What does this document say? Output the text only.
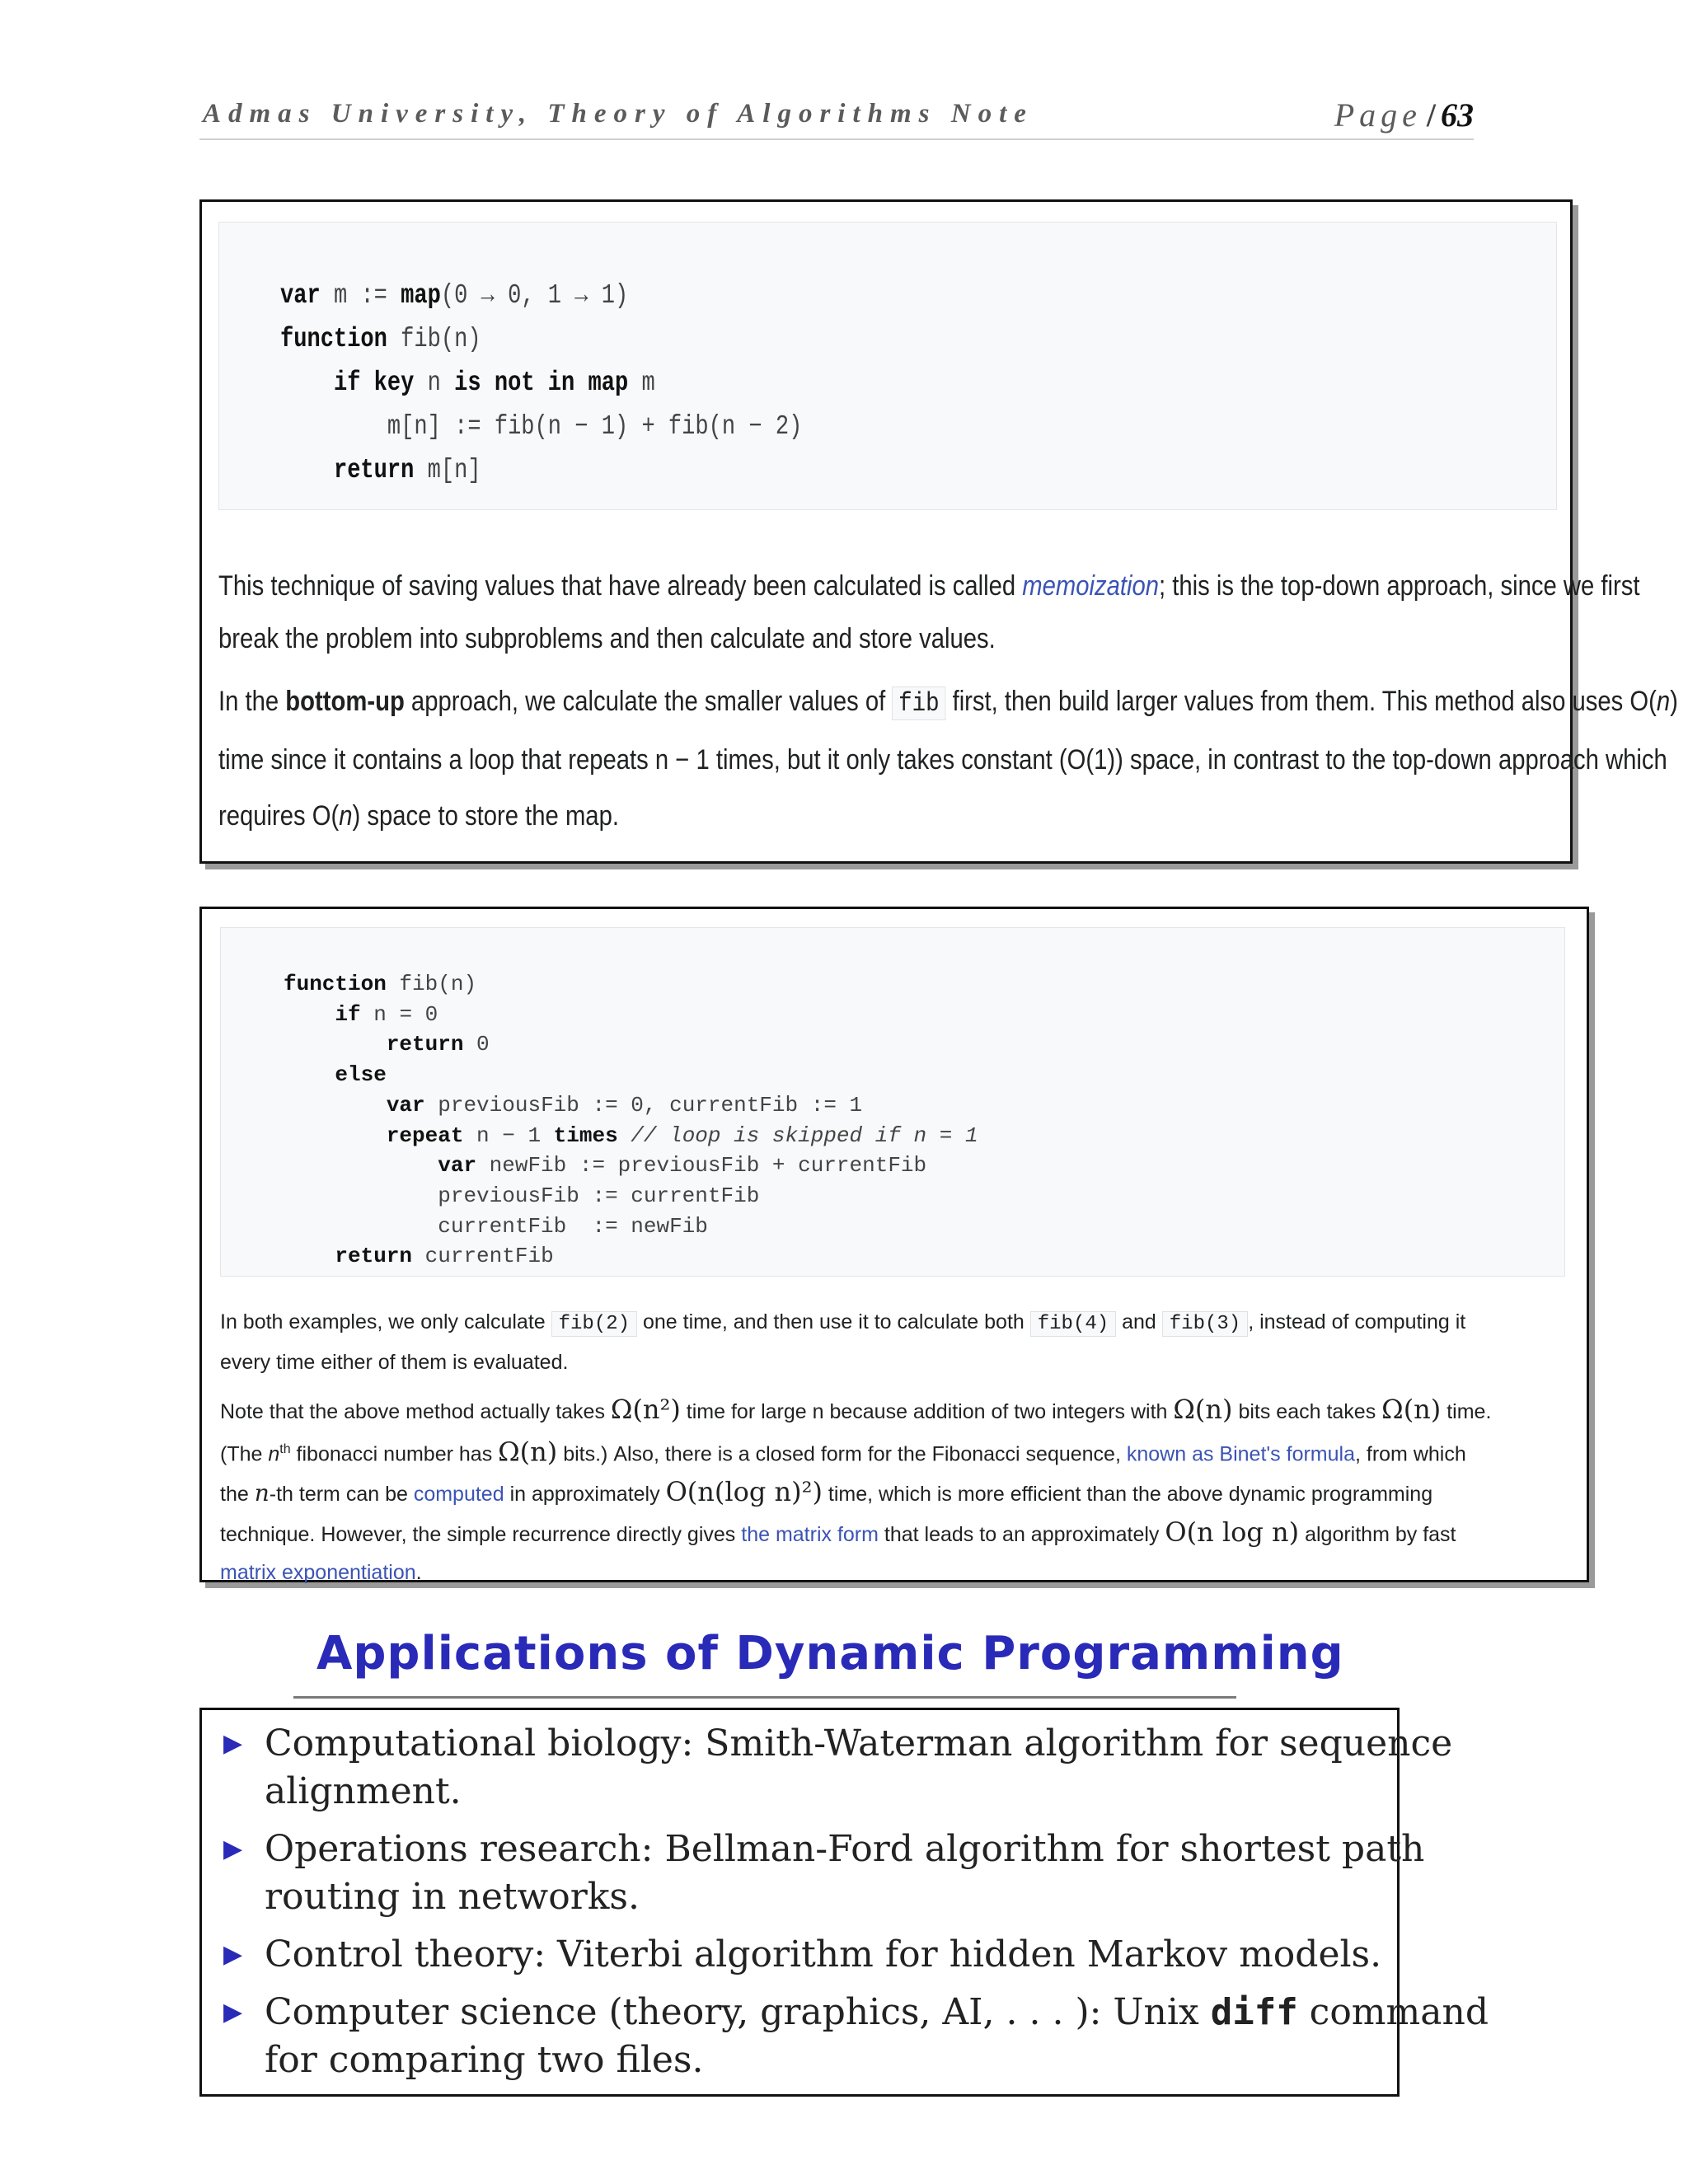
Admas University, Theory of Algorithms Note	Page / 63
var m := map(0 → 0, 1 → 1)
function fib(n)
if key n is not in map m
m[n] := fib(n − 1) + fib(n − 2)
return m[n]
This technique of saving values that have already been calculated is called memoization; this is the top-down approach, since we first
break the problem into subproblems and then calculate and store values.
In the bottom-up approach, we calculate the smaller values of fib first, then build larger values from them. This method also uses O(n)
time since it contains a loop that repeats n − 1 times, but it only takes constant (O(1)) space, in contrast to the top-down approach which
requires O(n) space to store the map.
function fib(n)
if n = 0
return 0
else
var previousFib := 0, currentFib := 1
repeat n − 1 times // loop is skipped if n = 1
var newFib := previousFib + currentFib
previousFib := currentFib
currentFib  := newFib
return currentFib
In both examples, we only calculate fib(2) one time, and then use it to calculate both fib(4) and fib(3) , instead of computing it
every time either of them is evaluated.
Note that the above method actually takes Ω(n²) time for large n because addition of two integers with Ω(n) bits each takes Ω(n) time.
(The $n^{th}$ fibonacci number has Ω(n) bits.) Also, there is a closed form for the Fibonacci sequence, known as Binet's formula, from which
the n-th term can be computed in approximately O(n(log n)²) time, which is more efficient than the above dynamic programming
technique. However, the simple recurrence directly gives the matrix form that leads to an approximately O(n log n) algorithm by fast
matrix exponentiation.
Applications of Dynamic Programming
▶ Computational biology: Smith-Waterman algorithm for sequence
alignment.
▶ Operations research: Bellman-Ford algorithm for shortest path
routing in networks.
▶ Control theory: Viterbi algorithm for hidden Markov models.
▶ Computer science (theory, graphics, AI, . . . ): Unix diff command
for comparing two files.
